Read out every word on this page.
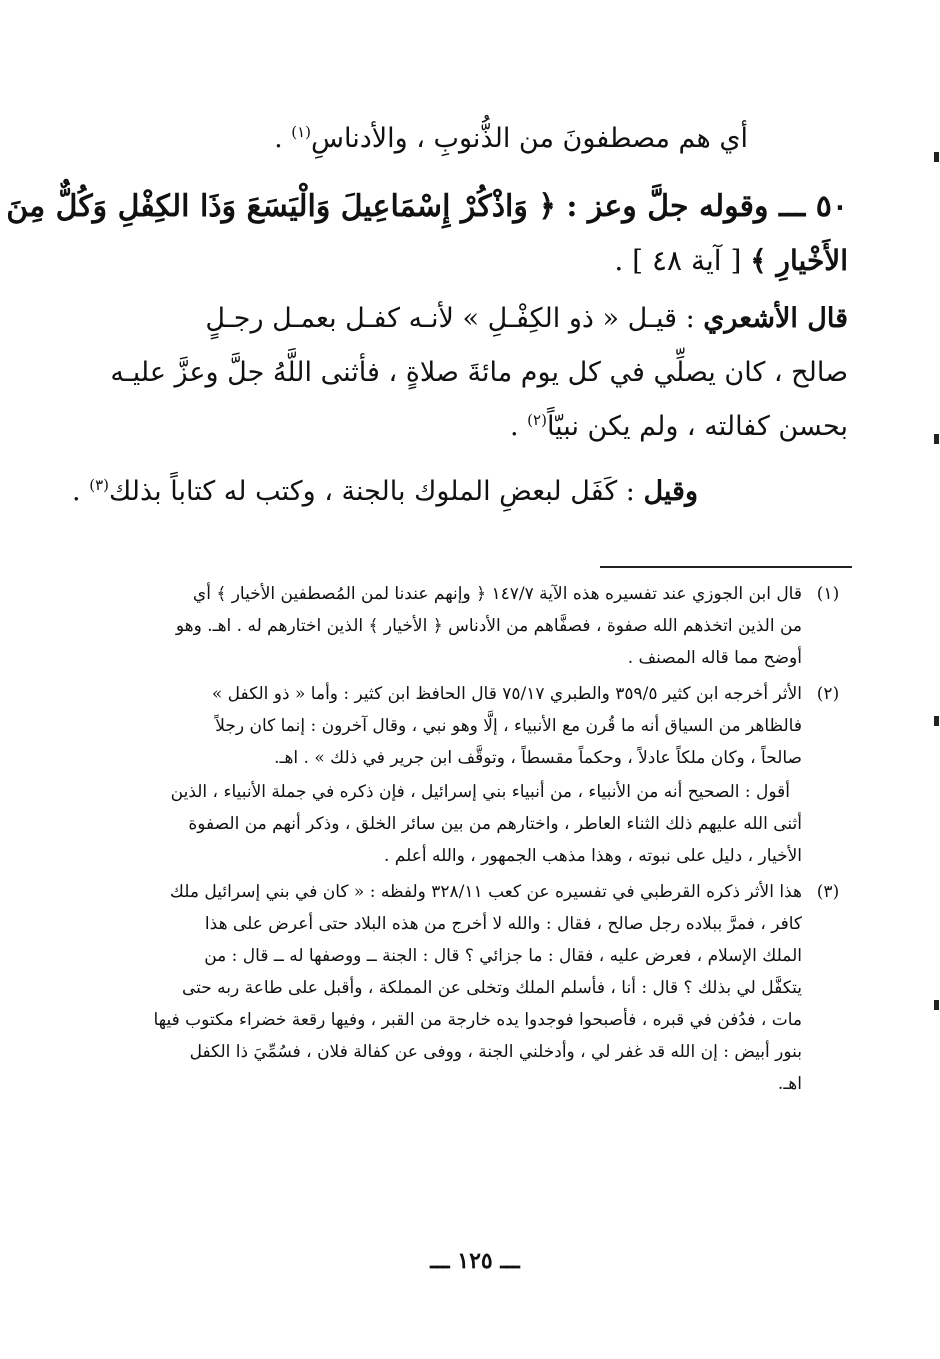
أي هم مصطفونَ من الذُّنوبِ ، والأدناسِ$^{(١)}$ .
٥٠ ـــ وقوله جلَّ وعز : ﴿ وَاذْكُرْ إِسْمَاعِيلَ وَالْيَسَعَ وَذَا الكِفْلِ وَكُلٌّ مِنَ
الأَخْيارِ ﴾ [ آية ٤٨ ] .
قال الأشعري : قيـل « ذو الكِفْـلِ » لأنـه كفـل بعمـل رجـلٍ
صالح ، كان يصلِّي في كل يوم مائةَ صلاةٍ ، فأثنى اللَّهُ جلَّ وعزَّ عليـه
بحسن كفالته ، ولم يكن نبيّاً$^{(٢)}$ .
وقيل : كَفَل لبعضِ الملوك بالجنة ، وكتب له كتاباً بذلك$^{(٣)}$ .
(١)
قال ابن الجوزي عند تفسيره هذه الآية ١٤٧/٧ ﴿ وإنهم عندنا لمن المُصطفين الأخيار ﴾ أي
من الذين اتخذهم الله صفوة ، فصفَّاهم من الأدناس ﴿ الأخيار ﴾ الذين اختارهم له . اهـ. وهو
أوضح مما قاله المصنف .
(٢)
الأثر أخرجه ابن كثير ٣٥٩/٥ والطبري ٧٥/١٧ قال الحافظ ابن كثير : وأما « ذو الكفل »
فالظاهر من السياق أنه ما قُرن مع الأنبياء ، إلَّا وهو نبي ، وقال آخرون : إنما كان رجلاً
صالحاً ، وكان ملكاً عادلاً ، وحكماً مقسطاً ، وتوقَّف ابن جرير في ذلك » . اهـ.
أقول : الصحيح أنه من الأنبياء ، من أنبياء بني إسرائيل ، فإن ذكره في جملة الأنبياء ، الذين
أثنى الله عليهم ذلك الثناء العاطر ، واختارهم من بين سائر الخلق ، وذكر أنهم من الصفوة
الأخيار ، دليل على نبوته ، وهذا مذهب الجمهور ، والله أعلم .
(٣)
هذا الأثر ذكره القرطبي في تفسيره عن كعب ٣٢٨/١١ ولفظه : « كان في بني إسرائيل ملك
كافر ، فمرَّ ببلاده رجل صالح ، فقال : والله لا أخرج من هذه البلاد حتى أعرض على هذا
الملك الإسلام ، فعرض عليه ، فقال : ما جزائي ؟ قال : الجنة ــ ووصفها له ــ قال : من
يتكفَّل لي بذلك ؟ قال : أنا ، فأسلم الملك وتخلى عن المملكة ، وأقبل على طاعة ربه حتى
مات ، فدُفن في قبره ، فأصبحوا فوجدوا يده خارجة من القبر ، وفيها رقعة خضراء مكتوب فيها
بنور أبيض : إن الله قد غفر لي ، وأدخلني الجنة ، ووفى عن كفالة فلان ، فسُمِّيَ ذا الكفل
اهـ.
ـــ ١٢٥ ـــ
